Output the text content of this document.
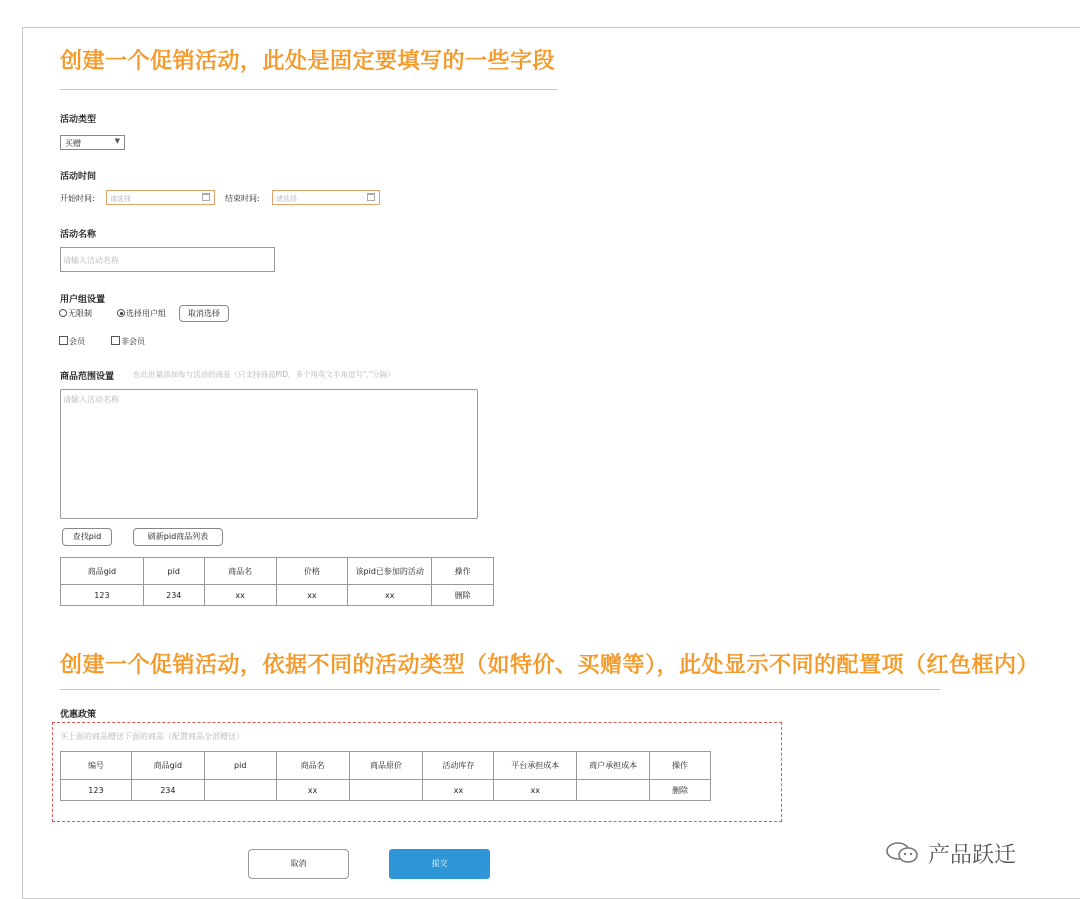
创建一个促销活动，此处是固定要填写的一些字段
活动类型
买赠	▼
活动时间
开始时间:	请选择	结束时间:	请选择
活动名称
请输入活动名称
用户组设置
无限制	选择用户组	取消选择
会员	非会员
商品范围设置	在此批量添加参与活动的商品（只支持商品PID，多个用英文半角逗号","分隔）
请输入活动名称
查找pid	刷新pid商品列表
商品gid	pid	商品名	价格	该pid已参加的活动	操作
123	234	xx	xx	xx	删除
创建一个促销活动，依据不同的活动类型（如特价、买赠等），此处显示不同的配置项（红色框内）
优惠政策
买上面的商品赠送下面的商品（配置商品全部赠送）
编号	商品gid	pid	商品名	商品原价	活动库存	平台承担成本	商户承担成本	操作
123	234		xx		xx	xx		删除
取消	提交	产品跃迁
